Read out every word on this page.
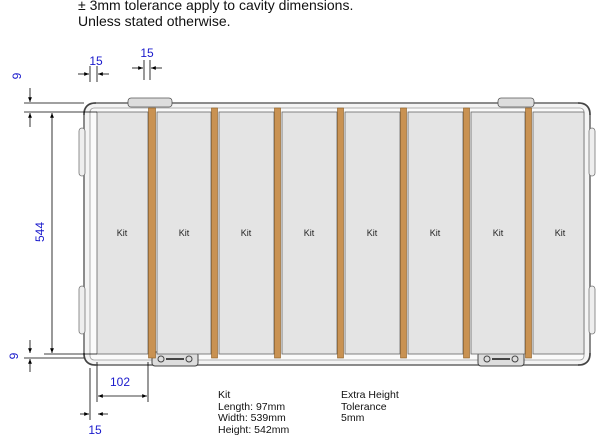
± 3mm tolerance apply to cavity dimensions.
Unless stated otherwise.
Kit	Kit	Kit	Kit	Kit	Kit	Kit	Kit
15
15
9
544
9
102
15
Kit
Length: 97mm
Width: 539mm
Height: 542mm
Extra Height
Tolerance
5mm
